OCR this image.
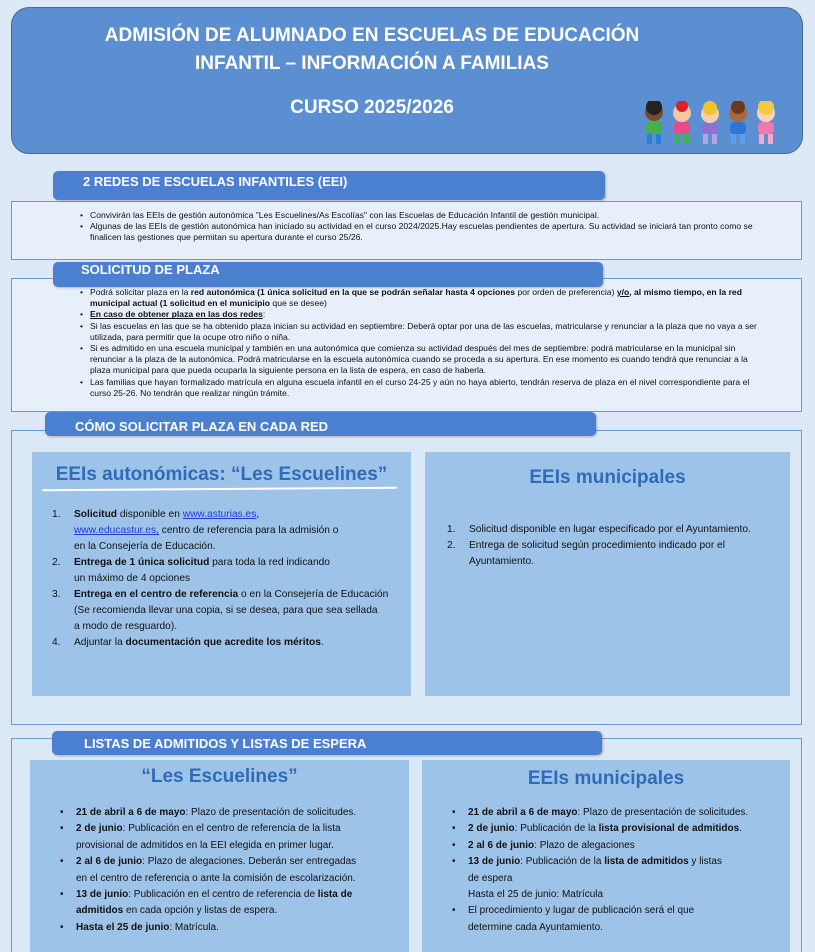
ADMISIÓN DE ALUMNADO EN ESCUELAS DE EDUCACIÓN
INFANTIL – INFORMACIÓN A FAMILIAS
CURSO 2025/2026
• Convivirán las EEIs de gestión autonómica "Les Escuelines/As Escolías" con las Escuelas de Educación Infantil de gestión municipal.
• Algunas de las EEIs de gestión autonómica han iniciado su actividad en el curso 2024/2025.Hay escuelas pendientes de apertura. Su actividad se iniciará tan pronto como se finalicen las gestiones que permitan su apertura durante el curso 25/26.
2 REDES DE ESCUELAS INFANTILES (EEI)
• Podrá solicitar plaza en la red autonómica (1 única solicitud en la que se podrán señalar hasta 4 opciones por orden de preferencia) y/o, al mismo tiempo, en la red municipal actual (1 solicitud en el municipio que se desee)
• En caso de obtener plaza en las dos redes:
• Si las escuelas en las que se ha obtenido plaza inician su actividad en septiembre: Deberá optar por una de las escuelas, matricularse y renunciar a la plaza que no vaya a ser utilizada, para permitir que la ocupe otro niño o niña.
• Si es admitido en una escuela municipal y también en una autonómica que comienza su actividad después del mes de septiembre: podrá matricularse en la municipal sin renunciar a la plaza de la autonómica. Podrá matricularse en la escuela autonómica cuando se proceda a su apertura. En ese momento es cuando tendrá que renunciar a la plaza municipal para que pueda ocuparla la siguiente persona en la lista de espera, en caso de haberla.
• Las familias que hayan formalizado matrícula en alguna escuela infantil en el curso 24-25 y aún no haya abierto, tendrán reserva de plaza en el nivel correspondiente para el curso 25-26. No tendrán que realizar ningún trámite.
SOLICITUD DE PLAZA
EEIs autonómicas: “Les Escuelines”
1. Solicitud disponible en www.asturias.es,
www.educastur.es, centro de referencia para la admisión o
en la Consejería de Educación.
2. Entrega de 1 única solicitud para toda la red indicando
un máximo de 4 opciones
3. Entrega en el centro de referencia o en la Consejería de Educación
(Se recomienda llevar una copia, si se desea, para que sea sellada
a modo de resguardo).
4. Adjuntar la documentación que acredite los méritos.
EEIs municipales
1. Solicitud disponible en lugar especificado por el Ayuntamiento.
2. Entrega de solicitud según procedimiento indicado por el
Ayuntamiento.
CÓMO SOLICITAR PLAZA EN CADA RED
“Les Escuelines”
• 21 de abril a 6 de mayo: Plazo de presentación de solicitudes.
• 2 de junio: Publicación en el centro de referencia de la lista
provisional de admitidos en la EEI elegida en primer lugar.
• 2 al 6 de junio: Plazo de alegaciones. Deberán ser entregadas
en el centro de referencia o ante la comisión de escolarización.
• 13 de junio: Publicación en el centro de referencia de lista de
admitidos en cada opción y listas de espera.
• Hasta el 25 de junio: Matrícula.
EEIs municipales
• 21 de abril a 6 de mayo: Plazo de presentación de solicitudes.
• 2 de junio: Publicación de la lista provisional de admitidos.
• 2 al 6 de junio: Plazo de alegaciones
• 13 de junio: Publicación de la lista de admitidos y listas
de espera
Hasta el 25 de junio: Matrícula
• El procedimiento y lugar de publicación será el que
determine cada Ayuntamiento.
LISTAS DE ADMITIDOS Y LISTAS DE ESPERA
